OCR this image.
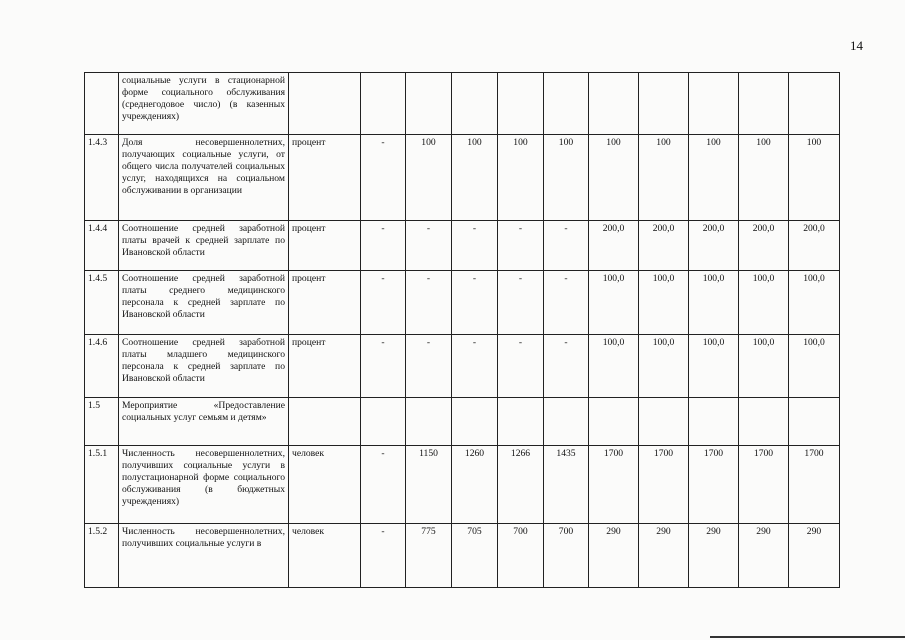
14
	социальные услуги в стационарной форме социального обслуживания (среднегодовое число) (в казенных учреждениях)											
1.4.3	Доля несовершеннолетних, получающих социальные услуги, от общего числа получателей социальных услуг, находящихся на социальном обслуживании в организации	процент	-	100	100	100	100	100	100	100	100	100
1.4.4	Соотношение средней заработной платы врачей к средней зарплате по Ивановской области	процент	-	-	-	-	-	200,0	200,0	200,0	200,0	200,0
1.4.5	Соотношение средней заработной платы среднего медицинского персонала к средней зарплате по Ивановской области	процент	-	-	-	-	-	100,0	100,0	100,0	100,0	100,0
1.4.6	Соотношение средней заработной платы младшего медицинского персонала к средней зарплате по Ивановской области	процент	-	-	-	-	-	100,0	100,0	100,0	100,0	100,0
1.5	Мероприятие «Предоставление социальных услуг семьям и детям»											
1.5.1	Численность несовершеннолетних, получивших социальные услуги в полустационарной форме социального обслуживания (в бюджетных учреждениях)	человек	-	1150	1260	1266	1435	1700	1700	1700	1700	1700
1.5.2	Численность несовершеннолетних, получивших социальные услуги в	человек	-	775	705	700	700	290	290	290	290	290
